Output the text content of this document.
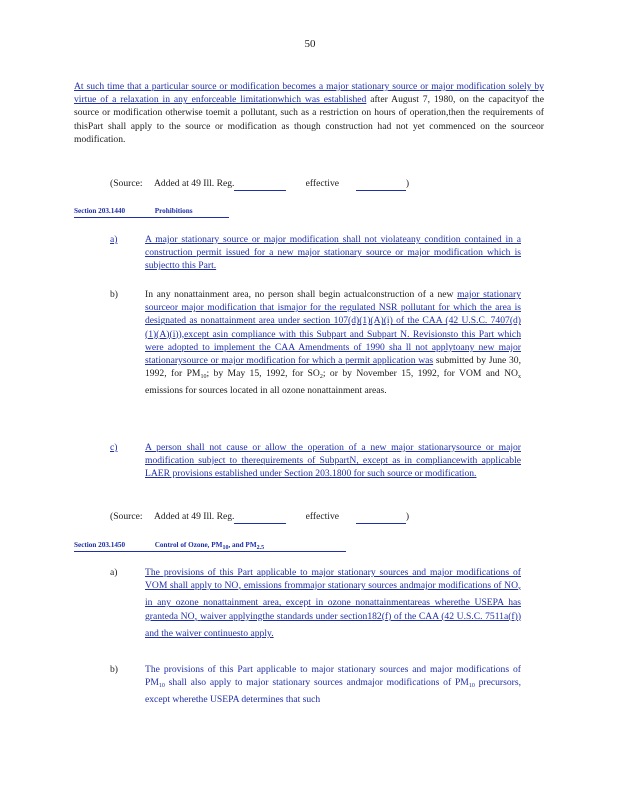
50
At such time that a particular source or modification becomes a major stationary source or major modification solely by virtue of a relaxation in any enforceable limitationwhich was established after August 7, 1980, on the capacityof the source or modification otherwise toemit a pollutant, such as a restriction on hours of operation,then the requirements of thisPart shall apply to the source or modification as though construction had not yet commenced on the sourceor modification.
(Source: Added at 49 Ill. Reg.	effective	)
Section 203.1440	Prohibitions
a)	A major stationary source or major modification shall not violateany condition contained in a construction permit issued for a new major stationary source or major modification which is subjectto this Part.
b)	In any nonattainment area, no person shall begin actualconstruction of a new major stationary sourceor major modification that ismajor for the regulated NSR pollutant for which the area is designated as nonattainment area under section 107(d)(1)(A)(i) of the CAA (42 U.S.C. 7407(d)(1)(A)(i)),except asin compliance with this Subpart and Subpart N. Revisionsto this Part which were adopted to implement the CAA Amendments of 1990 sha ll not applytoany new major stationarysource or major modification for which a permit application was submitted by June 30, 1992, for $PM_{10}$; by May 15, 1992, for $SO_2$; or by November 15, 1992, for VOM and $NO_x$ emissions for sources located in all ozone nonattainment areas.
c)	A person shall not cause or allow the operation of a new major stationarysource or major modification subject to therequirements of SubpartN, except as in compliancewith applicable LAER provisions established under Section 203.1800 for such source or modification.
(Source: Added at 49 Ill. Reg.	effective	)
Section 203.1450	Control of Ozone, $PM_{10}$, and $PM_{2.5}$
a)	The provisions of this Part applicable to major stationary sources and major modifications of VOM shall apply to $NO_x$ emissions frommajor stationary sources andmajor modifications of $NO_x$ in any ozone nonattainment area, except in ozone nonattainmentareas wherethe USEPA has granteda $NO_x$ waiver applyingthe standards under section182(f) of the CAA (42 U.S.C. 7511a(f)) and the waiver continuesto apply.
b)	The provisions of this Part applicable to major stationary sources and major modifications of $PM_{10}$ shall also apply to major stationary sources andmajor modifications of $PM_{10}$ precursors, except wherethe USEPA determines that such
